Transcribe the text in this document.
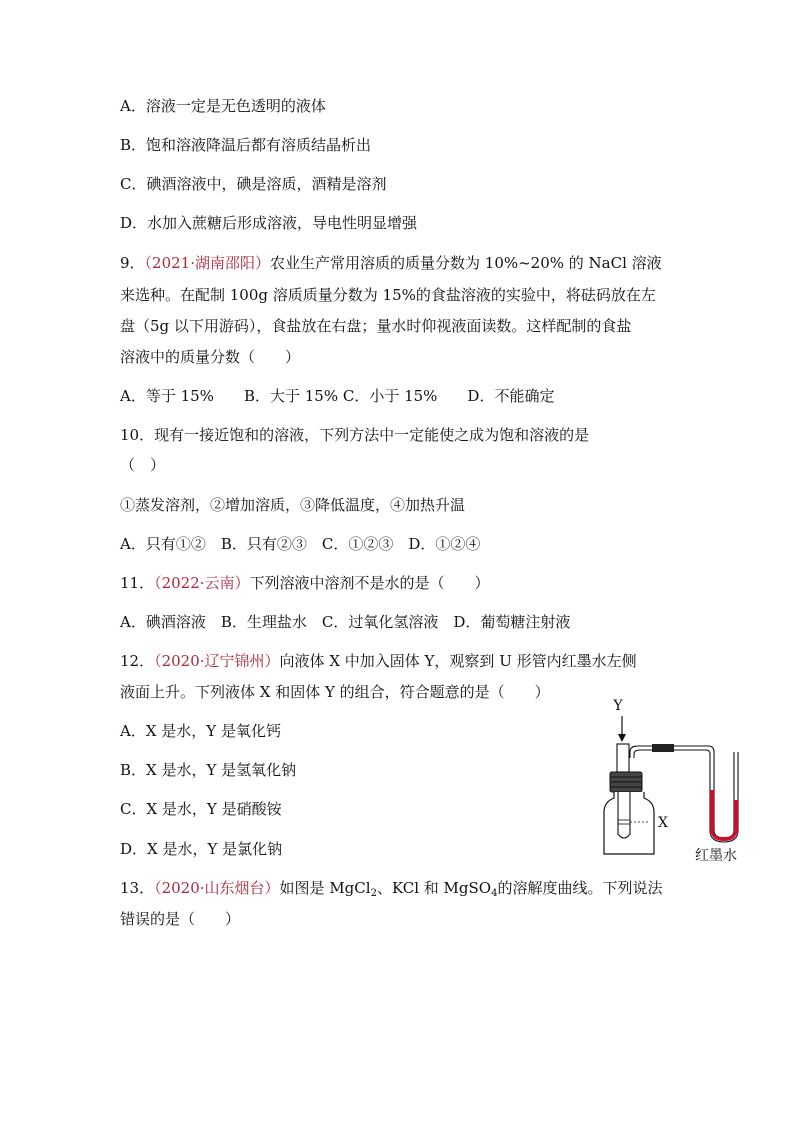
A．溶液一定是无色透明的液体
B．饱和溶液降温后都有溶质结晶析出
C．碘酒溶液中，碘是溶质，酒精是溶剂
D．水加入蔗糖后形成溶液，导电性明显增强
9．（2021·湖南邵阳）农业生产常用溶质的质量分数为 10%~20% 的 NaCl 溶液
来选种。在配制 100g 溶质质量分数为 15%的食盐溶液的实验中，将砝码放在左
盘（5g 以下用游码），食盐放在右盘；量水时仰视液面读数。这样配制的食盐
溶液中的质量分数（　　）
A．等于 15%　　B．大于 15% C．小于 15%　　D．不能确定
10．现有一接近饱和的溶液，下列方法中一定能使之成为饱和溶液的是
（　）
①蒸发溶剂，②增加溶质，③降低温度，④加热升温
A．只有①②　B．只有②③　C．①②③　D．①②④
11．（2022·云南）下列溶液中溶剂不是水的是（　　）
A．碘酒溶液　B．生理盐水　C．过氧化氢溶液　D．葡萄糖注射液
12．（2020·辽宁锦州）向液体 X 中加入固体 Y，观察到 U 形管内红墨水左侧
液面上升。下列液体 X 和固体 Y 的组合，符合题意的是（　　）
A．X 是水，Y 是氧化钙
B．X 是水，Y 是氢氧化钠
C．X 是水，Y 是硝酸铵
D．X 是水，Y 是氯化钠
Y
X
红墨水
13．（2020·山东烟台）如图是 MgCl$_2$、KCl 和 MgSO$_4$的溶解度曲线。下列说法
错误的是（　　）
